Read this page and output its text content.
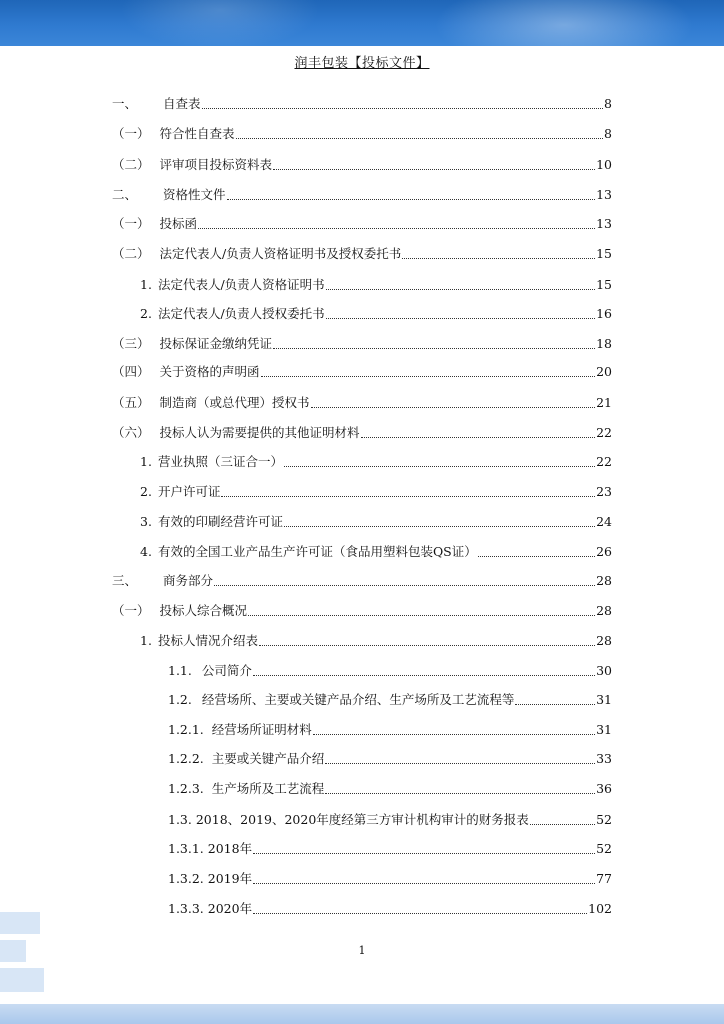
润丰包装【投标文件】
一、 自查表	8
（一） 符合性自查表	8
（二） 评审项目投标资料表	10
二、 资格性文件	13
（一） 投标函	13
（二） 法定代表人/负责人资格证明书及授权委托书	15
1. 法定代表人/负责人资格证明书	15
2. 法定代表人/负责人授权委托书	16
（三） 投标保证金缴纳凭证	18
（四） 关于资格的声明函	20
（五） 制造商（或总代理）授权书	21
（六） 投标人认为需要提供的其他证明材料	22
1. 营业执照（三证合一）	22
2. 开户许可证	23
3. 有效的印刷经营许可证	24
4. 有效的全国工业产品生产许可证（食品用塑料包装QS证）	26
三、 商务部分	28
（一） 投标人综合概况	28
1. 投标人情况介绍表	28
1.1. 公司简介	30
1.2. 经营场所、主要或关键产品介绍、生产场所及工艺流程等	31
1.2.1. 经营场所证明材料	31
1.2.2. 主要或关键产品介绍	33
1.2.3. 生产场所及工艺流程	36
1.3. 2018、2019、2020年度经第三方审计机构审计的财务报表	52
1.3.1. 2018年	52
1.3.2. 2019年	77
1.3.3. 2020年	102
1
